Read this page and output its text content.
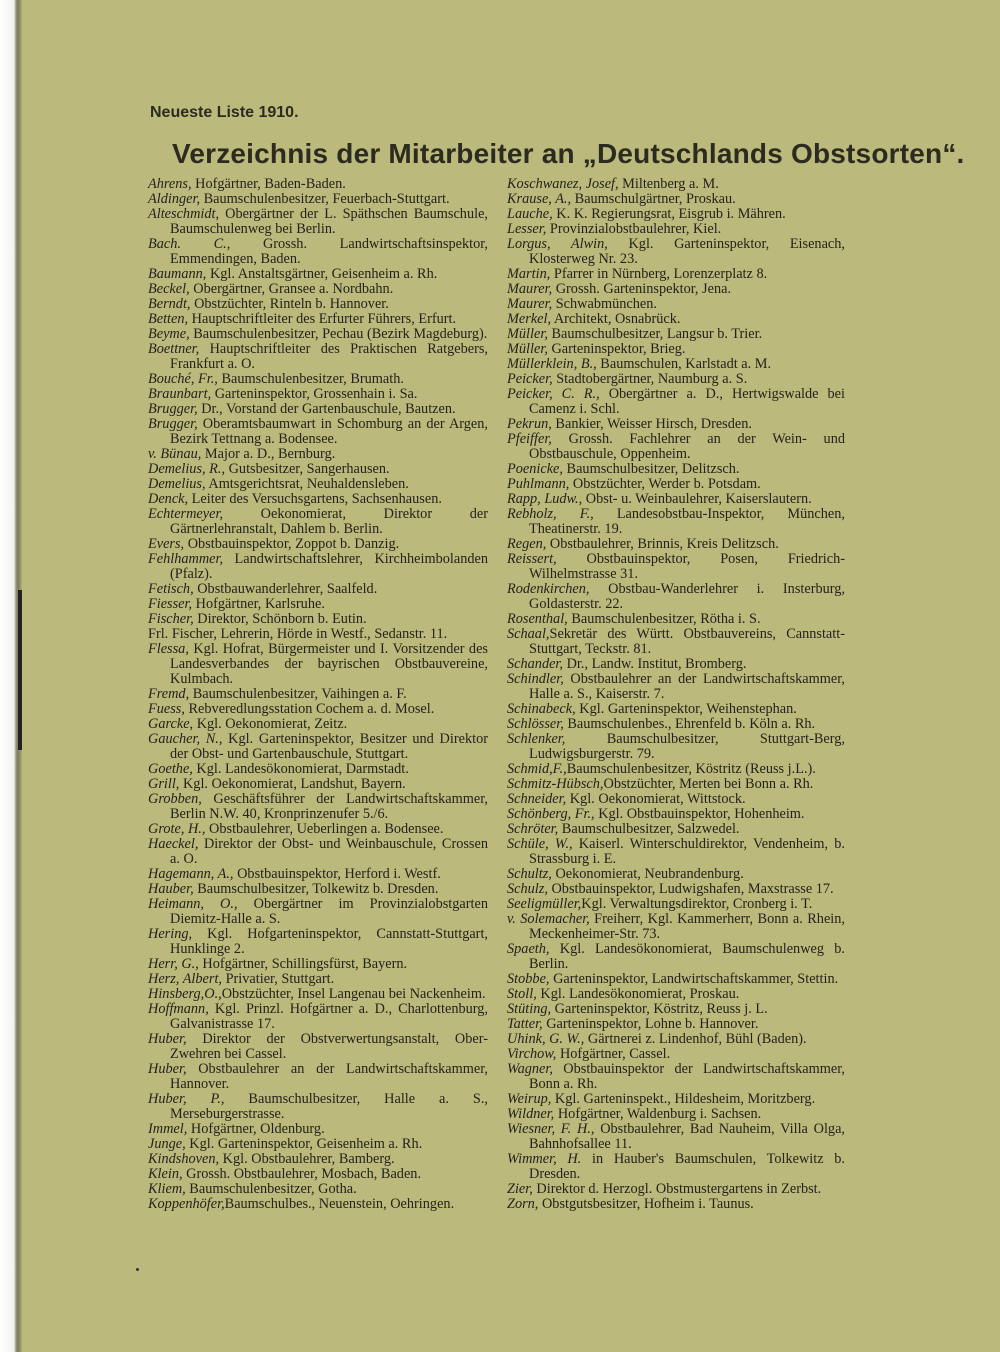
Neueste Liste 1910.
Verzeichnis der Mitarbeiter an „Deutschlands Obstsorten“.
Ahrens, Hofgärtner, Baden-Baden.
Aldinger, Baumschulenbesitzer, Feuerbach-Stuttgart.
Alteschmidt, Obergärtner der L. Späthschen Baumschule, Baumschulenweg bei Berlin.
Bach. C., Grossh. Landwirtschaftsinspektor, Emmendingen, Baden.
Baumann, Kgl. Anstaltsgärtner, Geisenheim a. Rh.
Beckel, Obergärtner, Gransee a. Nordbahn.
Berndt, Obstzüchter, Rinteln b. Hannover.
Betten, Hauptschriftleiter des Erfurter Führers, Erfurt.
Beyme, Baumschulenbesitzer, Pechau (Bezirk Magdeburg).
Boettner, Hauptschriftleiter des Praktischen Ratgebers, Frankfurt a. O.
Bouché, Fr., Baumschulenbesitzer, Brumath.
Braunbart, Garteninspektor, Grossenhain i. Sa.
Brugger, Dr., Vorstand der Gartenbauschule, Bautzen.
Brugger, Oberamtsbaumwart in Schomburg an der Argen, Bezirk Tettnang a. Bodensee.
v. Bünau, Major a. D., Bernburg.
Demelius, R., Gutsbesitzer, Sangerhausen.
Demelius, Amtsgerichtsrat, Neuhaldensleben.
Denck, Leiter des Versuchsgartens, Sachsenhausen.
Echtermeyer, Oekonomierat, Direktor der Gärtnerlehranstalt, Dahlem b. Berlin.
Evers, Obstbauinspektor, Zoppot b. Danzig.
Fehlhammer, Landwirtschaftslehrer, Kirchheimbolanden (Pfalz).
Fetisch, Obstbauwanderlehrer, Saalfeld.
Fiesser, Hofgärtner, Karlsruhe.
Fischer, Direktor, Schönborn b. Eutin.
Frl. Fischer, Lehrerin, Hörde in Westf., Sedanstr. 11.
Flessa, Kgl. Hofrat, Bürgermeister und I. Vorsitzender des Landesverbandes der bayrischen Obstbauvereine, Kulmbach.
Fremd, Baumschulenbesitzer, Vaihingen a. F.
Fuess, Rebveredlungsstation Cochem a. d. Mosel.
Garcke, Kgl. Oekonomierat, Zeitz.
Gaucher, N., Kgl. Garteninspektor, Besitzer und Direktor der Obst- und Gartenbauschule, Stuttgart.
Goethe, Kgl. Landesökonomierat, Darmstadt.
Grill, Kgl. Oekonomierat, Landshut, Bayern.
Grobben, Geschäftsführer der Landwirtschaftskammer, Berlin N.W. 40, Kronprinzenufer 5./6.
Grote, H., Obstbaulehrer, Ueberlingen a. Bodensee.
Haeckel, Direktor der Obst- und Weinbauschule, Crossen a. O.
Hagemann, A., Obstbauinspektor, Herford i. Westf.
Hauber, Baumschulbesitzer, Tolkewitz b. Dresden.
Heimann, O., Obergärtner im Provinzialobstgarten Diemitz-Halle a. S.
Hering, Kgl. Hofgarteninspektor, Cannstatt-Stuttgart, Hunklinge 2.
Herr, G., Hofgärtner, Schillingsfürst, Bayern.
Herz, Albert, Privatier, Stuttgart.
Hinsberg,O.,Obstzüchter, Insel Langenau bei Nackenheim.
Hoffmann, Kgl. Prinzl. Hofgärtner a. D., Charlottenburg, Galvanistrasse 17.
Huber, Direktor der Obstverwertungsanstalt, Ober-Zwehren bei Cassel.
Huber, Obstbaulehrer an der Landwirtschaftskammer, Hannover.
Huber, P., Baumschulbesitzer, Halle a. S., Merseburgerstrasse.
Immel, Hofgärtner, Oldenburg.
Junge, Kgl. Garteninspektor, Geisenheim a. Rh.
Kindshoven, Kgl. Obstbaulehrer, Bamberg.
Klein, Grossh. Obstbaulehrer, Mosbach, Baden.
Kliem, Baumschulenbesitzer, Gotha.
Koppenhöfer,Baumschulbes., Neuenstein, Oehringen.
Koschwanez, Josef, Miltenberg a. M.
Krause, A., Baumschulgärtner, Proskau.
Lauche, K. K. Regierungsrat, Eisgrub i. Mähren.
Lesser, Provinzialobstbaulehrer, Kiel.
Lorgus, Alwin, Kgl. Garteninspektor, Eisenach, Klosterweg Nr. 23.
Martin, Pfarrer in Nürnberg, Lorenzerplatz 8.
Maurer, Grossh. Garteninspektor, Jena.
Maurer, Schwabmünchen.
Merkel, Architekt, Osnabrück.
Müller, Baumschulbesitzer, Langsur b. Trier.
Müller, Garteninspektor, Brieg.
Müllerklein, B., Baumschulen, Karlstadt a. M.
Peicker, Stadtobergärtner, Naumburg a. S.
Peicker, C. R., Obergärtner a. D., Hertwigswalde bei Camenz i. Schl.
Pekrun, Bankier, Weisser Hirsch, Dresden.
Pfeiffer, Grossh. Fachlehrer an der Wein- und Obstbauschule, Oppenheim.
Poenicke, Baumschulbesitzer, Delitzsch.
Puhlmann, Obstzüchter, Werder b. Potsdam.
Rapp, Ludw., Obst- u. Weinbaulehrer, Kaiserslautern.
Rebholz, F., Landesobstbau-Inspektor, München, Theatinerstr. 19.
Regen, Obstbaulehrer, Brinnis, Kreis Delitzsch.
Reissert, Obstbauinspektor, Posen, Friedrich-Wilhelmstrasse 31.
Rodenkirchen, Obstbau-Wanderlehrer i. Insterburg, Goldasterstr. 22.
Rosenthal, Baumschulenbesitzer, Rötha i. S.
Schaal,Sekretär des Württ. Obstbauvereins, Cannstatt-Stuttgart, Teckstr. 81.
Schander, Dr., Landw. Institut, Bromberg.
Schindler, Obstbaulehrer an der Landwirtschaftskammer, Halle a. S., Kaiserstr. 7.
Schinabeck, Kgl. Garteninspektor, Weihenstephan.
Schlösser, Baumschulenbes., Ehrenfeld b. Köln a. Rh.
Schlenker, Baumschulbesitzer, Stuttgart-Berg, Ludwigsburgerstr. 79.
Schmid,F.,Baumschulenbesitzer, Köstritz (Reuss j.L.).
Schmitz-Hübsch,Obstzüchter, Merten bei Bonn a. Rh.
Schneider, Kgl. Oekonomierat, Wittstock.
Schönberg, Fr., Kgl. Obstbauinspektor, Hohenheim.
Schröter, Baumschulbesitzer, Salzwedel.
Schüle, W., Kaiserl. Winterschuldirektor, Vendenheim, b. Strassburg i. E.
Schultz, Oekonomierat, Neubrandenburg.
Schulz, Obstbauinspektor, Ludwigshafen, Maxstrasse 17.
Seeligmüller,Kgl. Verwaltungsdirektor, Cronberg i. T.
v. Solemacher, Freiherr, Kgl. Kammerherr, Bonn a. Rhein, Meckenheimer-Str. 73.
Spaeth, Kgl. Landesökonomierat, Baumschulenweg b. Berlin.
Stobbe, Garteninspektor, Landwirtschaftskammer, Stettin.
Stoll, Kgl. Landesökonomierat, Proskau.
Stüting, Garteninspektor, Köstritz, Reuss j. L.
Tatter, Garteninspektor, Lohne b. Hannover.
Uhink, G. W., Gärtnerei z. Lindenhof, Bühl (Baden).
Virchow, Hofgärtner, Cassel.
Wagner, Obstbauinspektor der Landwirtschaftskammer, Bonn a. Rh.
Weirup, Kgl. Garteninspekt., Hildesheim, Moritzberg.
Wildner, Hofgärtner, Waldenburg i. Sachsen.
Wiesner, F. H., Obstbaulehrer, Bad Nauheim, Villa Olga, Bahnhofsallee 11.
Wimmer, H. in Hauber's Baumschulen, Tolkewitz b. Dresden.
Zier, Direktor d. Herzogl. Obstmustergartens in Zerbst.
Zorn, Obstgutsbesitzer, Hofheim i. Taunus.
